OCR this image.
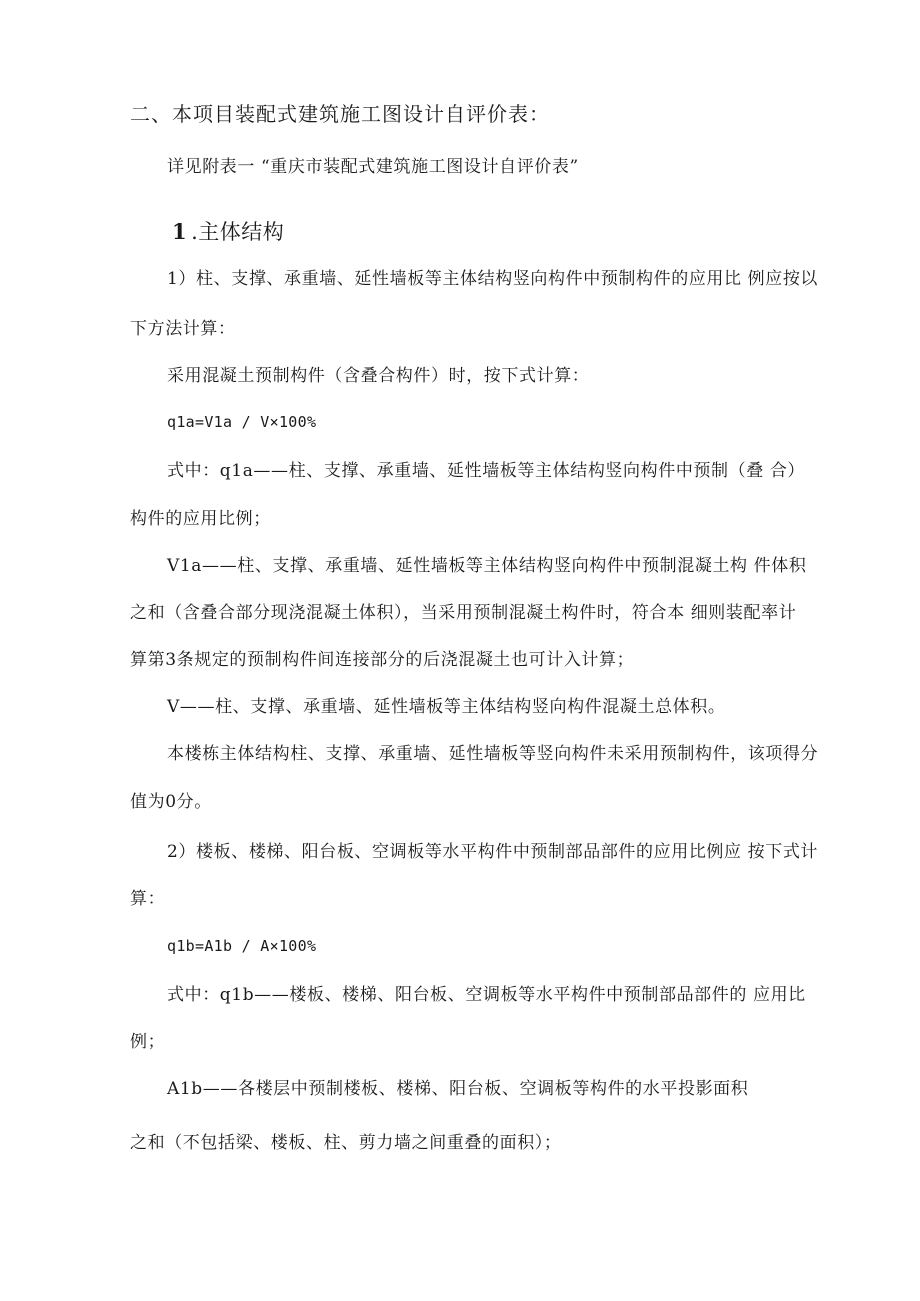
二、本项目装配式建筑施工图设计自评价表：
详见附表一 “重庆市装配式建筑施工图设计自评价表”
1 .主体结构
1）柱、支撑、承重墙、延性墙板等主体结构竖向构件中预制构件的应用比 例应按以
下方法计算：
采用混凝土预制构件（含叠合构件）时，按下式计算：
q1a=V1a / V×100%
式中：q1a——柱、支撑、承重墙、延性墙板等主体结构竖向构件中预制（叠 合）
构件的应用比例；
V1a——柱、支撑、承重墙、延性墙板等主体结构竖向构件中预制混凝土构 件体积
之和（含叠合部分现浇混凝土体积），当采用预制混凝土构件时，符合本 细则装配率计
算第3条规定的预制构件间连接部分的后浇混凝土也可计入计算；
V——柱、支撑、承重墙、延性墙板等主体结构竖向构件混凝土总体积。
本楼栋主体结构柱、支撑、承重墙、延性墙板等竖向构件未采用预制构件，该项得分
值为0分。
2）楼板、楼梯、阳台板、空调板等水平构件中预制部品部件的应用比例应 按下式计
算：
q1b=A1b / A×100%
式中：q1b——楼板、楼梯、阳台板、空调板等水平构件中预制部品部件的 应用比
例；
A1b——各楼层中预制楼板、楼梯、阳台板、空调板等构件的水平投影面积
之和（不包括梁、楼板、柱、剪力墙之间重叠的面积）；
